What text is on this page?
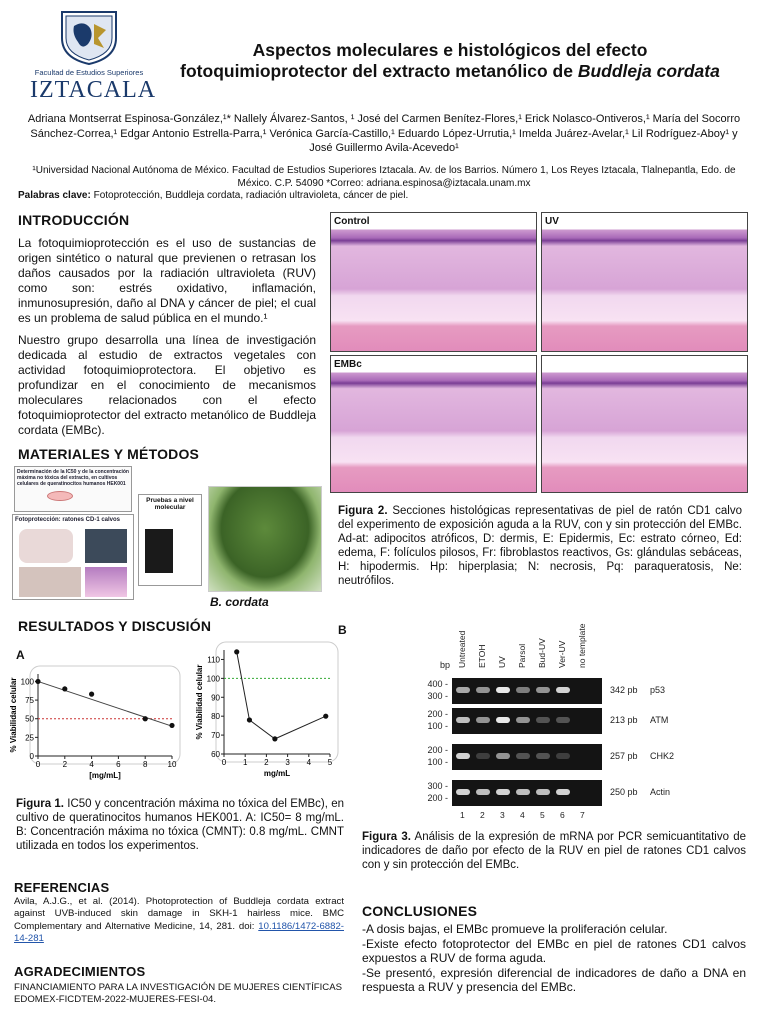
Facultad de Estudios Superiores
IZTACALA
Aspectos moleculares e histológicos del efecto
fotoquimioprotector del extracto metanólico de Buddleja cordata
Adriana Montserrat Espinosa-González,¹* Nallely Álvarez-Santos, ¹ José del Carmen Benítez-Flores,¹ Erick Nolasco-Ontiveros,¹ María del Socorro Sánchez-Correa,¹ Edgar Antonio Estrella-Parra,¹ Verónica García-Castillo,¹ Eduardo López-Urrutia,¹ Imelda Juárez-Avelar,¹ Lil Rodríguez-Aboy¹ y José Guillermo Avila-Acevedo¹
¹Universidad Nacional Autónoma de México. Facultad de Estudios Superiores Iztacala. Av. de los Barrios. Número 1, Los Reyes Iztacala, Tlalnepantla, Edo. de México. C.P. 54090 *Correo: adriana.espinosa@iztacala.unam.mx
Palabras clave: Fotoprotección, Buddleja cordata, radiación ultravioleta, cáncer de piel.
INTRODUCCIÓN
La fotoquimioprotección es el uso de sustancias de origen sintético o natural que previenen o retrasan los daños causados por la radiación ultravioleta (RUV) como son: estrés oxidativo, inflamación, inmunosupresión, daño al DNA y cáncer de piel; el cual es un problema de salud pública en el mundo.¹
Nuestro grupo desarrolla una línea de investigación dedicada al estudio de extractos vegetales con actividad fotoquimioprotectora. El objetivo es profundizar en el conocimiento de mecanismos moleculares relacionados con el efecto fotoquimioprotector del extracto metanólico de Buddleja cordata (EMBc).
MATERIALES Y MÉTODOS
Determinación de la IC50 y de la concentración máxima no tóxica del extracto, en cultivos celulares de queratinocitos humanos HEK001
Fotoprotección: ratones CD-1 calvos
Pruebas a nivel molecular
B. cordata
RESULTADOS Y DISCUSIÓN
A
B
0	2	4	6	8	10
0
25
50
75
100
[mg/mL]
% Viabilidad celular
0 1 2 3 4 5
60
70
80
90
100
110
mg/mL
% Viabilidad celular
Figura 1. IC50 y concentración máxima no tóxica del EMBc), en cultivo de queratinocitos humanos HEK001. A: IC50= 8 mg/mL. B: Concentración máxima no tóxica (CMNT): 0.8 mg/mL. CMNT utilizada en todos los experimentos.
REFERENCIAS
Avila, A.J.G., et al. (2014). Photoprotection of Buddleja cordata extract against UVB-induced skin damage in SKH-1 hairless mice. BMC Complementary and Alternative Medicine, 14, 281. doi: 10.1186/1472-6882-14-281
AGRADECIMIENTOS
FINANCIAMIENTO PARA LA INVESTIGACIÓN DE MUJERES CIENTÍFICAS EDOMEX-FICDTEM-2022-MUJERES-FESI-04.
Control	UV
EMBc	EMBc + UV
Figura 2. Secciones histológicas representativas de piel de ratón CD1 calvo del experimento de exposición aguda a la RUV, con y sin protección del EMBc. Ad-at: adipocitos atróficos, D: dermis, E: Epidermis, Ec: estrato córneo, Ed: edema, F: folículos pilosos, Fr: fibroblastos reactivos, Gs: glándulas sebáceas, H: hipodermis. Hp: hiperplasia; N: necrosis, Pq: paraqueratosis, Ne: neutrófilos.
bp Untreated ETOH UV Parsol Bud-UV Ver-UV no template
400 -
300 -
342 pb p53
200 -
100 -
213 pb ATM
200 -
100 -
257 pb CHK2
300 -
200 -
250 pb Actin
1 2 3 4 5 6 7
Figura 3. Análisis de la expresión de mRNA por PCR semicuantitativo de indicadores de daño por efecto de la RUV en piel de ratones CD1 calvos con y sin protección del EMBc.
CONCLUSIONES
-A dosis bajas, el EMBc promueve la proliferación celular.
-Existe efecto fotoprotector del EMBc en piel de ratones CD1 calvos expuestos a RUV de forma aguda.
-Se presentó, expresión diferencial de indicadores de daño a DNA en respuesta a RUV y presencia del EMBc.
